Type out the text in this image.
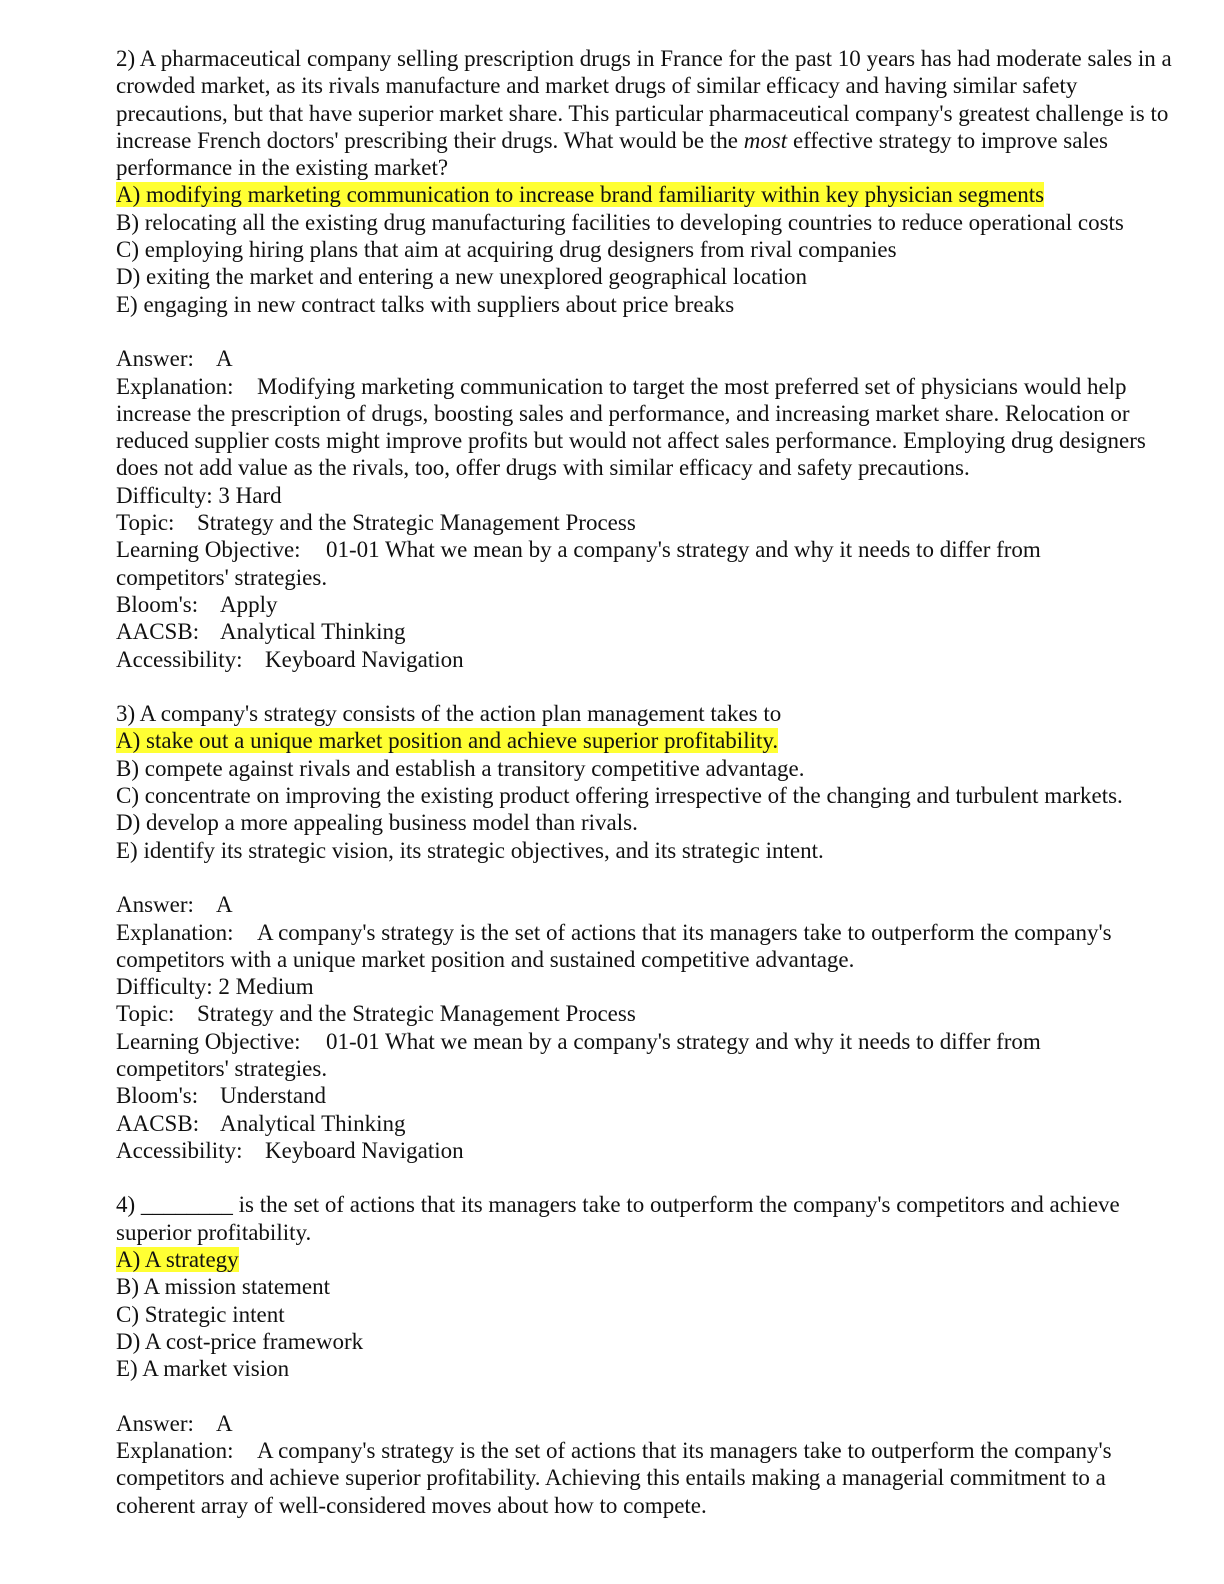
2) A pharmaceutical company selling prescription drugs in France for the past 10 years has had moderate sales in a crowded market, as its rivals manufacture and market drugs of similar efficacy and having similar safety precautions, but that have superior market share. This particular pharmaceutical company's greatest challenge is to increase French doctors' prescribing their drugs. What would be the most effective strategy to improve sales performance in the existing market?
A) modifying marketing communication to increase brand familiarity within key physician segments
B) relocating all the existing drug manufacturing facilities to developing countries to reduce operational costs
C) employing hiring plans that aim at acquiring drug designers from rival companies
D) exiting the market and entering a new unexplored geographical location
E) engaging in new contract talks with suppliers about price breaks
Answer: A
Explanation: Modifying marketing communication to target the most preferred set of physicians would help increase the prescription of drugs, boosting sales and performance, and increasing market share. Relocation or reduced supplier costs might improve profits but would not affect sales performance. Employing drug designers does not add value as the rivals, too, offer drugs with similar efficacy and safety precautions.
Difficulty: 3 Hard
Topic: Strategy and the Strategic Management Process
Learning Objective: 01-01 What we mean by a company's strategy and why it needs to differ from
competitors' strategies.
Bloom's: Apply
AACSB: Analytical Thinking
Accessibility: Keyboard Navigation
3) A company's strategy consists of the action plan management takes to
A) stake out a unique market position and achieve superior profitability.
B) compete against rivals and establish a transitory competitive advantage.
C) concentrate on improving the existing product offering irrespective of the changing and turbulent markets.
D) develop a more appealing business model than rivals.
E) identify its strategic vision, its strategic objectives, and its strategic intent.
Answer: A
Explanation: A company's strategy is the set of actions that its managers take to outperform the company's competitors with a unique market position and sustained competitive advantage.
Difficulty: 2 Medium
Topic: Strategy and the Strategic Management Process
Learning Objective: 01-01 What we mean by a company's strategy and why it needs to differ from
competitors' strategies.
Bloom's: Understand
AACSB: Analytical Thinking
Accessibility: Keyboard Navigation
4) ________ is the set of actions that its managers take to outperform the company's competitors and achieve superior profitability.
A) A strategy
B) A mission statement
C) Strategic intent
D) A cost-price framework
E) A market vision
Answer: A
Explanation: A company's strategy is the set of actions that its managers take to outperform the company's competitors and achieve superior profitability. Achieving this entails making a managerial commitment to a coherent array of well-considered moves about how to compete.
